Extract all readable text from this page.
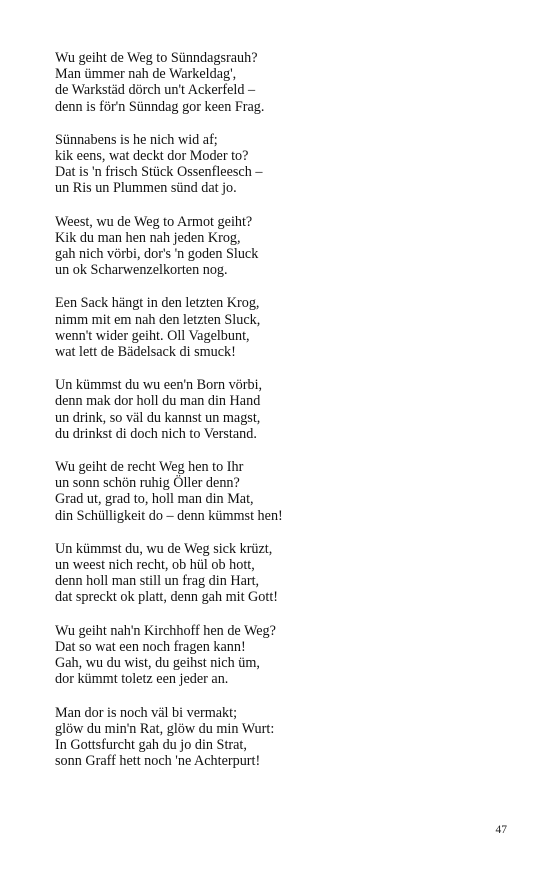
Wu geiht de Weg to Sünndagsrauh?
Man ümmer nah de Warkeldag',
de Warkstäd dörch un't Ackerfeld –
denn is för'n Sünndag gor keen Frag.
Sünnabens is he nich wid af;
kik eens, wat deckt dor Moder to?
Dat is 'n frisch Stück Ossenfleesch –
un Ris un Plummen sünd dat jo.
Weest, wu de Weg to Armot geiht?
Kik du man hen nah jeden Krog,
gah nich vörbi, dor's 'n goden Sluck
un ok Scharwenzelkorten nog.
Een Sack hängt in den letzten Krog,
nimm mit em nah den letzten Sluck,
wenn't wider geiht. Oll Vagelbunt,
wat lett de Bädelsack di smuck!
Un kümmst du wu een'n Born vörbi,
denn mak dor holl du man din Hand
un drink, so väl du kannst un magst,
du drinkst di doch nich to Verstand.
Wu geiht de recht Weg hen to Ihr
un sonn schön ruhig Öller denn?
Grad ut, grad to, holl man din Mat,
din Schülligkeit do – denn kümmst hen!
Un kümmst du, wu de Weg sick krüzt,
un weest nich recht, ob hül ob hott,
denn holl man still un frag din Hart,
dat spreckt ok platt, denn gah mit Gott!
Wu geiht nah'n Kirchhoff hen de Weg?
Dat so wat een noch fragen kann!
Gah, wu du wist, du geihst nich üm,
dor kümmt toletz een jeder an.
Man dor is noch väl bi vermakt;
glöw du min'n Rat, glöw du min Wurt:
In Gottsfurcht gah du jo din Strat,
sonn Graff hett noch 'ne Achterpurt!
47
